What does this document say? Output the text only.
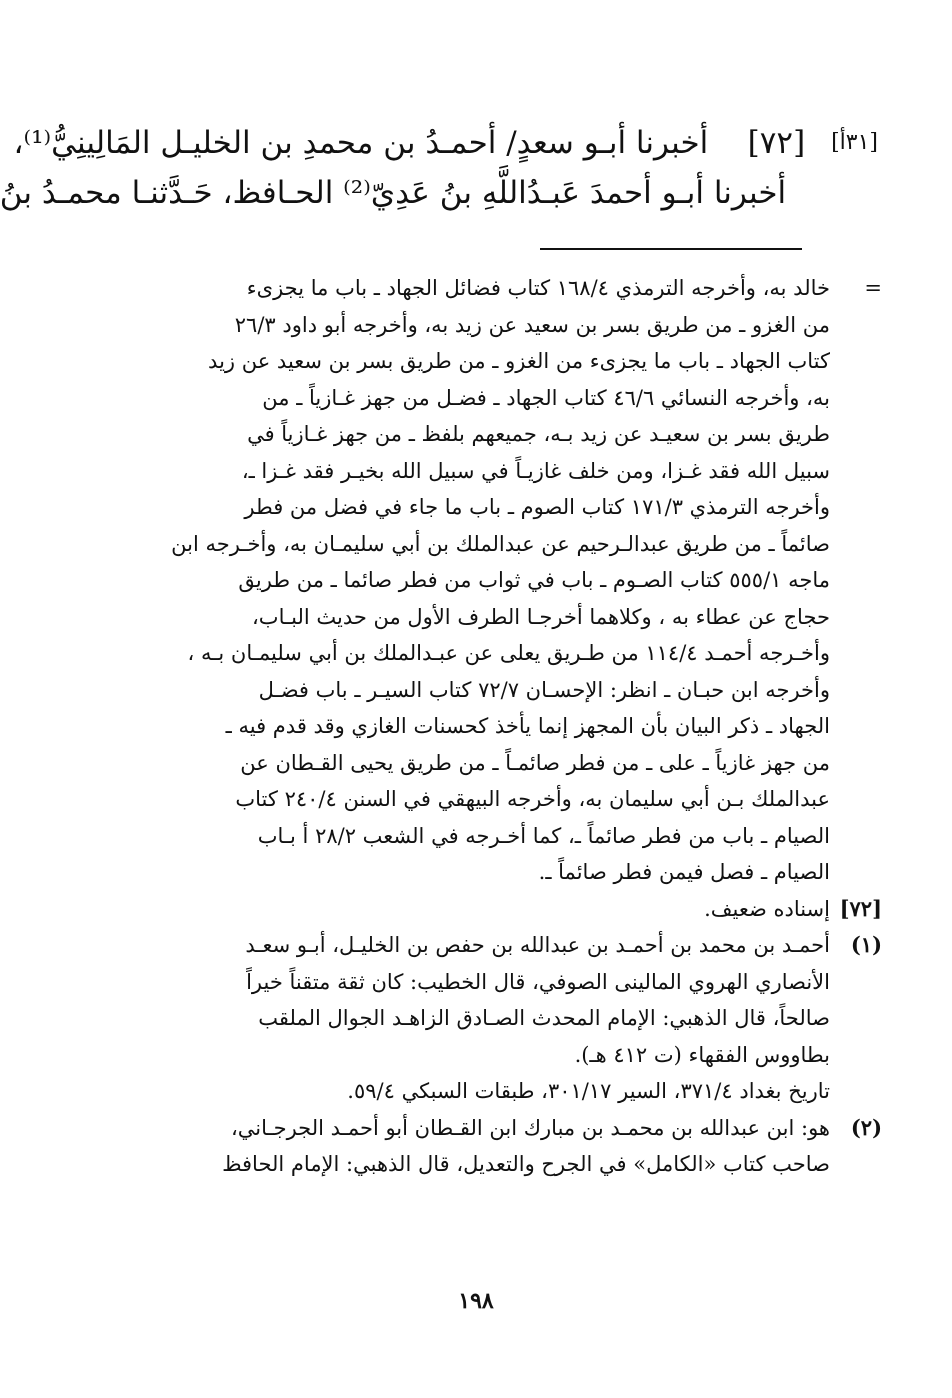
[٣١أ] [٧٢]    أخبرنا أبـو سعدٍ/ أحمـدُ بن محمدِ بن الخليـل المَالِينِيُّ⁽¹⁾،
أخبرنا أبـو أحمدَ عَبـدُاللَّهِ بنُ عَدِيّ⁽²⁾ الحـافظ، حَـدَّثنـا محمـدُ بنُ
=
خالد به، وأخرجه الترمذي ١٦٨/٤ كتاب فضائل الجهاد ـ باب ما يجزىء
من الغزو ـ من طريق بسر بن سعيد عن زيد به، وأخرجه أبو داود ٢٦/٣
كتاب الجهاد ـ باب ما يجزىء من الغزو ـ من طريق بسر بن سعيد عن زيد
به، وأخرجه النسائي ٤٦/٦ كتاب الجهاد ـ فضـل من جهز غـازياً ـ من
طريق بسر بن سعيـد عن زيد بـه، جميعهم بلفظ ـ من جهز غـازياً في
سبيل الله فقد غـزا، ومن خلف غازيـاً في سبيل الله بخيـر فقد غـزا ـ،
وأخرجه الترمذي ١٧١/٣ كتاب الصوم ـ باب ما جاء في فضل من فطر
صائماً ـ من طريق عبدالـرحيم عن عبدالملك بن أبي سليمـان به، وأخـرجه ابن
ماجه ٥٥٥/١ كتاب الصـوم ـ باب في ثواب من فطر صائما ـ من طريق
حجاج عن عطاء به ، وكلاهما أخرجـا الطرف الأول من حديث البـاب،
وأخـرجه أحمـد ١١٤/٤ من طـريق يعلى عن عبـدالملك بن أبي سليمـان بـه ،
وأخرجه ابن حبـان ـ انظر: الإحسـان ٧٢/٧ كتاب السيـر ـ باب فضـل
الجهاد ـ ذكر البيان بأن المجهز إنما يأخذ كحسنات الغازي وقد قدم فيه ـ
من جهز غازياً ـ على ـ من فطر صائمـاً ـ من طريق يحيى القـطان عن
عبدالملك بـن أبي سليمان به، وأخرجه البيهقي في السنن ٢٤٠/٤ كتاب
الصيام ـ باب من فطر صائماً ـ، كما أخـرجه في الشعب ٢٨/٢ أ بـاب
الصيام ـ فصل فيمن فطر صائماً ـ.
[٧٢]
إسناده ضعيف.
(١)
أحمـد بن محمد بن أحمـد بن عبدالله بن حفص بن الخليـل، أبـو سعـد
الأنصاري الهروي المالينى الصوفي، قال الخطيب: كان ثقة متقناً خيراً
صالحاً، قال الذهبي: الإمام المحدث الصـادق الزاهـد الجوال الملقب
بطاووس الفقهاء (ت ٤١٢ هـ).
تاريخ بغداد ٣٧١/٤، السير ٣٠١/١٧، طبقات السبكي ٥٩/٤.
(٢)
هو: ابن عبدالله بن محمـد بن مبارك ابن القـطان أبو أحمـد الجرجـاني،
صاحب كتاب «الكامل» في الجرح والتعديل، قال الذهبي: الإمام الحافظ
١٩٨
